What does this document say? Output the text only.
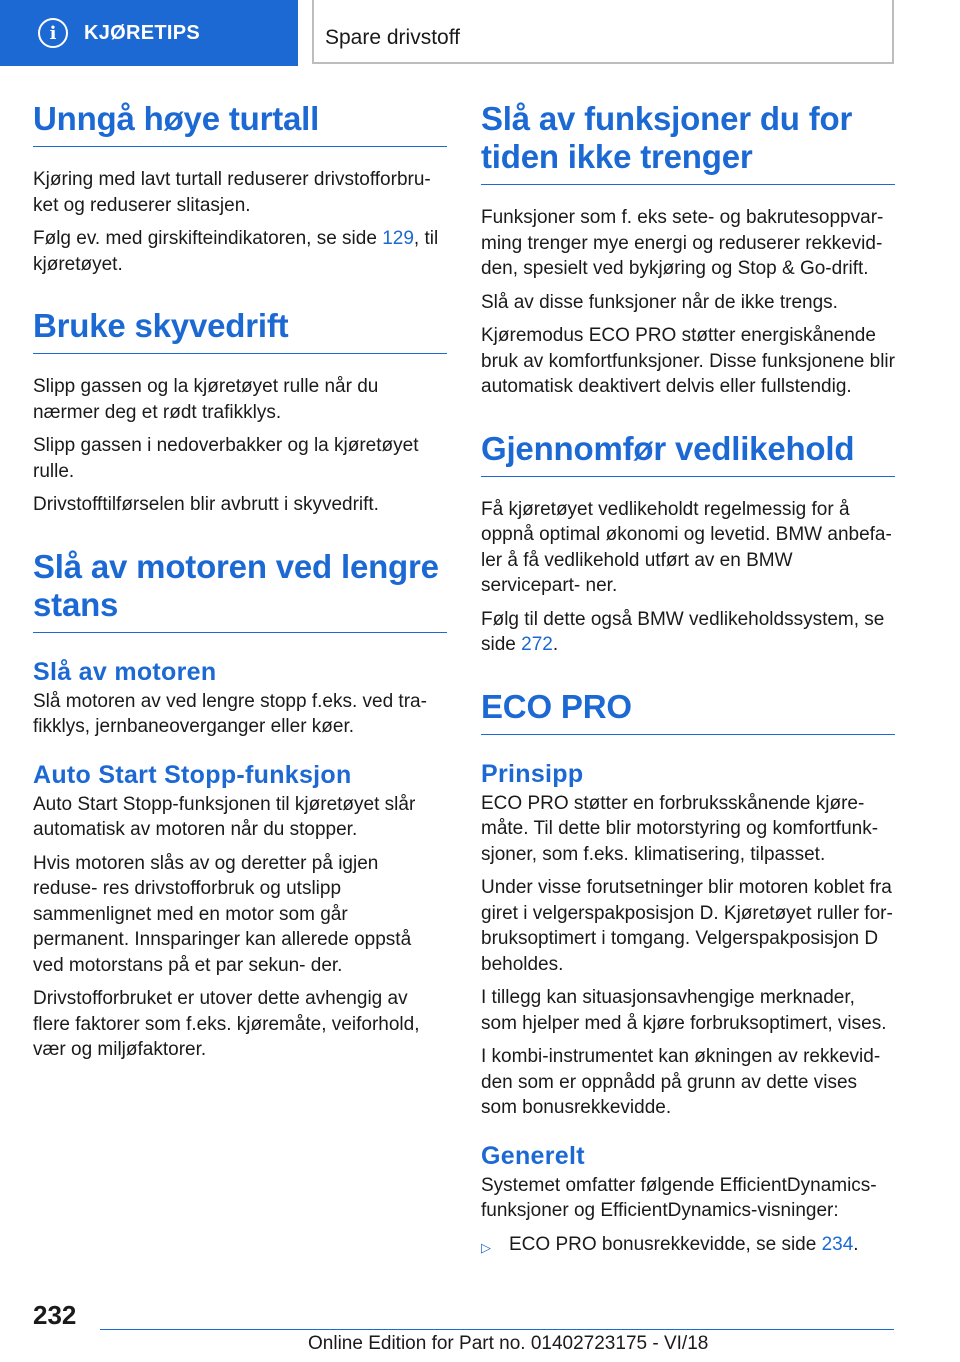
i	KJØRETIPS	Spare drivstoff
Unngå høye turtall

Kjøring med lavt turtall reduserer drivstofforbru‐ ket og reduserer slitasjen.

Følg ev. med girskifteindikatoren, se side 129, til kjøretøyet.

Bruke skyvedrift

Slipp gassen og la kjøretøyet rulle når du nærmer deg et rødt trafikklys.

Slipp gassen i nedoverbakker og la kjøretøyet rulle.

Drivstofftilførselen blir avbrutt i skyvedrift.

Slå av motoren ved lengre stans
Slå av motoren

Slå motoren av ved lengre stopp f.eks. ved tra‐ fikklys, jernbaneoverganger eller køer.

Auto Start Stopp-funksjon

Auto Start Stopp-funksjonen til kjøretøyet slår automatisk av motoren når du stopper.

Hvis motoren slås av og deretter på igjen reduse‐ res drivstofforbruk og utslipp sammenlignet med en motor som går permanent. Innsparinger kan allerede oppstå ved motorstans på et par sekun‐ der.

Drivstofforbruket er utover dette avhengig av flere faktorer som f.eks. kjøremåte, veiforhold, vær og miljøfaktorer.

Slå av funksjoner du for tiden ikke trenger

Funksjoner som f. eks sete- og bakrutesoppvar‐ ming trenger mye energi og reduserer rekkevid‐ den, spesielt ved bykjøring og Stop & Go-drift.

Slå av disse funksjoner når de ikke trengs.

Kjøremodus ECO PRO støtter energiskånende bruk av komfortfunksjoner. Disse funksjonene blir automatisk deaktivert delvis eller fullstendig.

Gjennomfør vedlikehold

Få kjøretøyet vedlikeholdt regelmessig for å oppnå optimal økonomi og levetid. BMW anbefa‐ ler å få vedlikehold utført av en BMW servicepart‐ ner.

Følg til dette også BMW vedlikeholdssystem, se side 272.

ECO PRO
Prinsipp

ECO PRO støtter en forbruksskånende kjøre‐ måte. Til dette blir motorstyring og komfortfunk‐ sjoner, som f.eks. klimatisering, tilpasset.

Under visse forutsetninger blir motoren koblet fra giret i velgerspakposisjon D. Kjøretøyet ruller for‐ bruksoptimert i tomgang. Velgerspakposisjon D beholdes.

I tillegg kan situasjonsavhengige merknader, som hjelper med å kjøre forbruksoptimert, vises.

I kombi-instrumentet kan økningen av rekkevid‐ den som er oppnådd på grunn av dette vises som bonusrekkevidde.

Generelt

Systemet omfatter følgende EfficientDynamics- funksjoner og EfficientDynamics-visninger:

▷ ECO PRO bonusrekkevidde, se side 234.
232
Online Edition for Part no. 01402723175 - VI/18
